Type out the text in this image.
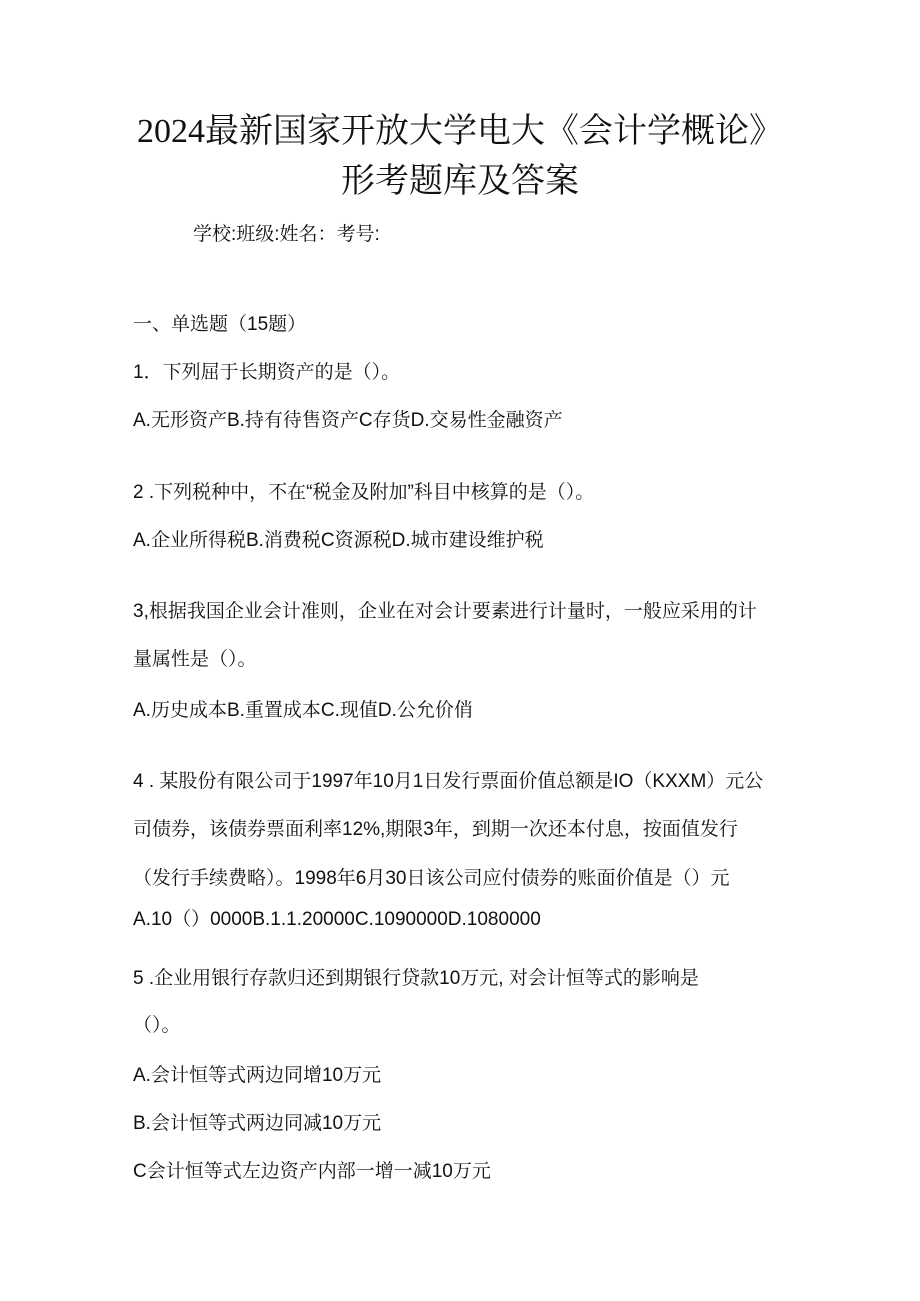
2024最新国家开放大学电大《会计学概论》
形考题库及答案
学校:班级:姓名：考号:
一、单选题（15题）
1．下列屈于长期资产的是（）。
A.无形资产B.持有待售资产C存货D.交易性金融资产
2 .下列税种中，不在“税金及附加”科目中核算的是（）。
A.企业所得税B.消费税C资源税D.城市建设维护税
3,根据我国企业会计准则，企业在对会计要素进行计量时，一般应采用的计
量属性是（）。
A.历史成本B.重置成本C.现值D.公允价俏
4 . 某股份有限公司于1997年10月1日发行票面价值总额是IO（KXXM）元公
司债券，该债券票面利率12%,期限3年，到期一次还本付息，按面值发行
（发行手续费略）。1998年6月30日该公司应付债券的账面价值是（）元
A.10（）0000B.1.1.20000C.1090000D.1080000
5 .企业用银行存款归还到期银行贷款10万元, 对会计恒等式的影响是
（）。
A.会计恒等式两边同增10万元
B.会计恒等式两边同减10万元
C会计恒等式左边资产内部一增一减10万元
